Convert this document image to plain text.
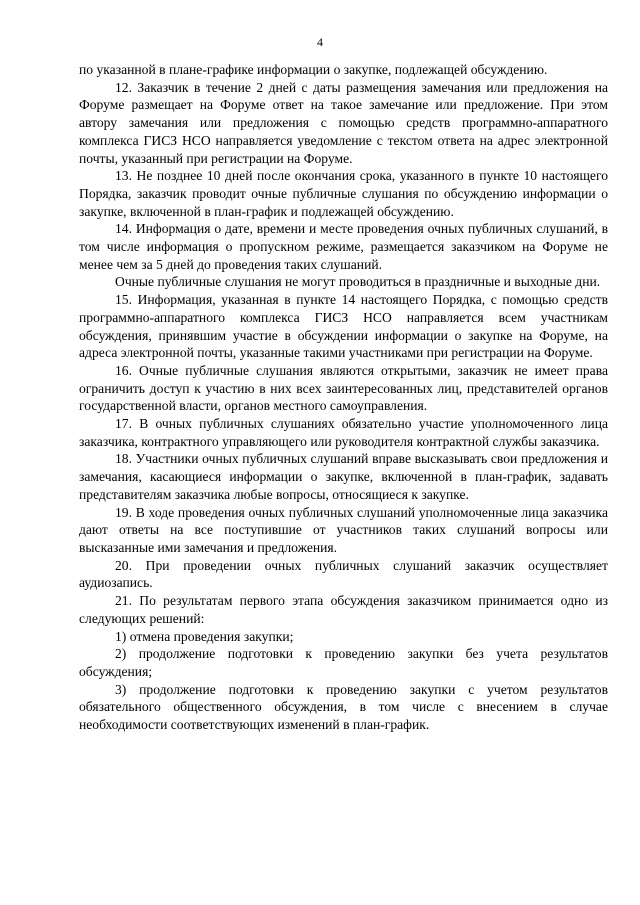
4

по указанной в плане-графике информации о закупке, подлежащей обсуждению.

12. Заказчик в течение 2 дней с даты размещения замечания или предложения на Форуме размещает на Форуме ответ на такое замечание или предложение. При этом автору замечания или предложения с помощью средств программно-аппаратного комплекса ГИСЗ НСО направляется уведомление с текстом ответа на адрес электронной почты, указанный при регистрации на Форуме.

13. Не позднее 10 дней после окончания срока, указанного в пункте 10 настоящего Порядка, заказчик проводит очные публичные слушания по обсуждению информации о закупке, включенной в план-график и подлежащей обсуждению.

14. Информация о дате, времени и месте проведения очных публичных слушаний, в том числе информация о пропускном режиме, размещается заказчиком на Форуме не менее чем за 5 дней до проведения таких слушаний.

Очные публичные слушания не могут проводиться в праздничные и выходные дни.

15. Информация, указанная в пункте 14 настоящего Порядка, с помощью средств программно-аппаратного комплекса ГИСЗ НСО направляется всем участникам обсуждения, принявшим участие в обсуждении информации о закупке на Форуме, на адреса электронной почты, указанные такими участниками при регистрации на Форуме.

16. Очные публичные слушания являются открытыми, заказчик не имеет права ограничить доступ к участию в них всех заинтересованных лиц, представителей органов государственной власти, органов местного самоуправления.

17. В очных публичных слушаниях обязательно участие уполномоченного лица заказчика, контрактного управляющего или руководителя контрактной службы заказчика.

18. Участники очных публичных слушаний вправе высказывать свои предложения и замечания, касающиеся информации о закупке, включенной в план-график, задавать представителям заказчика любые вопросы, относящиеся к закупке.

19. В ходе проведения очных публичных слушаний уполномоченные лица заказчика дают ответы на все поступившие от участников таких слушаний вопросы или высказанные ими замечания и предложения.

20. При проведении очных публичных слушаний заказчик осуществляет аудиозапись.

21. По результатам первого этапа обсуждения заказчиком принимается одно из следующих решений:

1) отмена проведения закупки;

2) продолжение подготовки к проведению закупки без учета результатов обсуждения;

3) продолжение подготовки к проведению закупки с учетом результатов обязательного общественного обсуждения, в том числе с внесением в случае необходимости соответствующих изменений в план-график.
